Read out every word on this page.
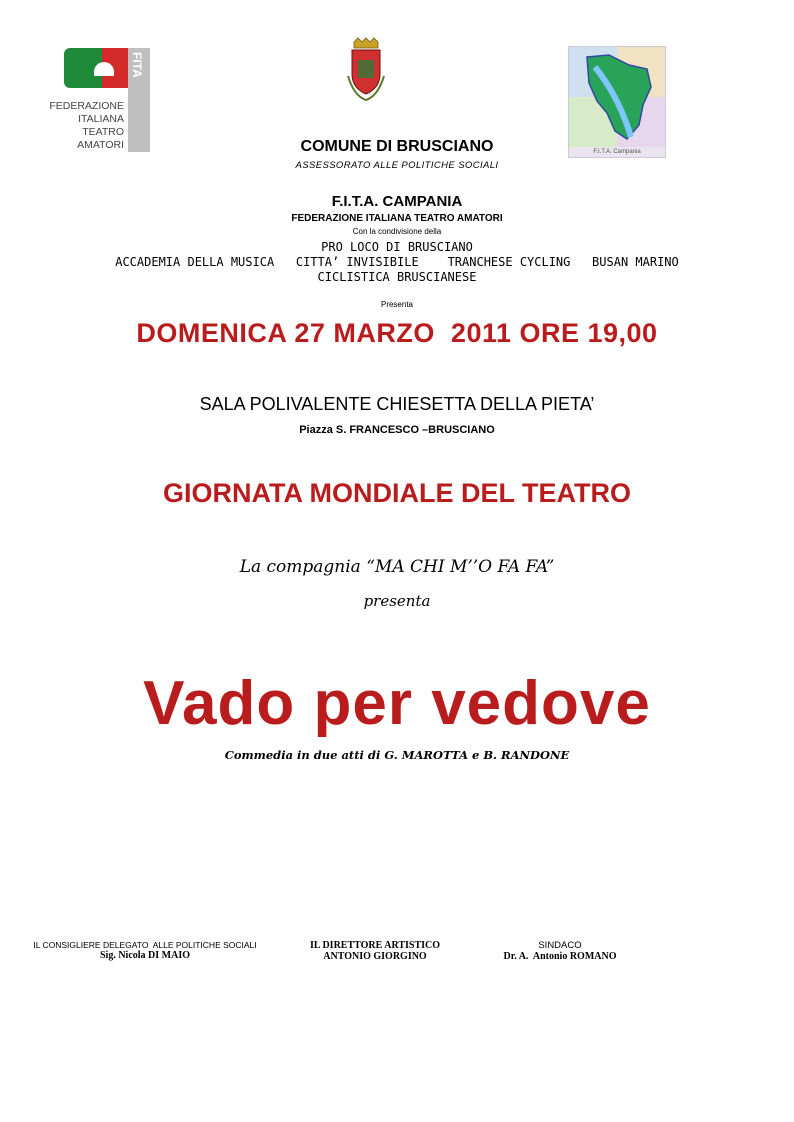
FITA
FEDERAZIONE
ITALIANA
TEATRO
AMATORI
F.I.T.A. Campania
COMUNE DI BRUSCIANO
ASSESSORATO ALLE POLITICHE SOCIALI
F.I.T.A. CAMPANIA
FEDERAZIONE ITALIANA TEATRO AMATORI
Con la condivisione della
PRO LOCO DI BRUSCIANO
ACCADEMIA DELLA MUSICA   CITTA’ INVISIBILE    TRANCHESE CYCLING   BUSAN MARINO
CICLISTICA BRUSCIANESE
Presenta
DOMENICA 27 MARZO  2011 ORE 19,00
SALA POLIVALENTE CHIESETTA DELLA PIETA’
Piazza S. FRANCESCO –BRUSCIANO
GIORNATA MONDIALE DEL TEATRO
La compagnia “MA CHI M’’O FA FA”
presenta
Vado per vedove
Commedia in due atti di G. MAROTTA e B. RANDONE
IL CONSIGLIERE DELEGATO  ALLE POLITICHE SOCIALI
Sig. Nicola DI MAIO
IL DIRETTORE ARTISTICO
ANTONIO GIORGINO
SINDACO
Dr. A.  Antonio ROMANO
